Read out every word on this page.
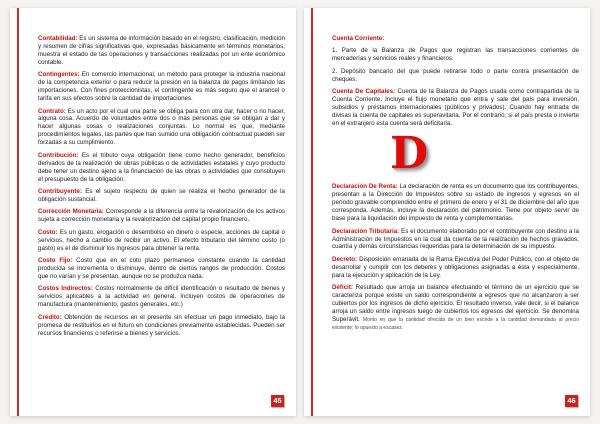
Contabilidad: Es un sistema de información basado en el registro, clasificación, medición y resumen de cifras significativas que, expresadas básicamente en términos monetarios, muestra el estado de las operaciones y transacciones realizadas por un ente económico contable.

Contingentes: En comercio internacional, un método para proteger la industria nacional de la competencia exterior o para reducir la presión en la balanza de pagos limitando las importaciones. Con fines proteccionistas, el contingente es más seguro que el arancel o tarifa en sus efectos sobre la cantidad de importaciones.

Contrato: Es un acto por el cual una parte se obliga para con otra dar, hacer o no hacer, alguna cosa. Acuerdo de voluntades entre dos o más personas que se obligan a dar y hacer algunas cosas o realizaciones conjuntas. Lo normal es que, mediante procedimientos legales, las partes que han sumido una obligación contractual pueden ser forzadas a su cumplimiento.

Contribución: Es el tributo cuya obligación tiene como hecho generador, beneficios derivados de la realización de obras públicas o de actividades estatales y cuyo producto debe tener un destino ajeno a la financiación de las obras o actividades que constituyen el presupuesto de la obligación.

Contribuyente: Es el sujeto respecto de quien se realiza el hecho generador de la obligación sustancial.

Corrección Monetaria: Corresponde a la diferencia entre la revalorización de los activos sujeta a corrección monetaria y la revalorización del capital propio financiero.

Costo: Es un gasto, erogación o desembolso en dinero o especie, acciones de capital o servicios, hecho a cambio de recibir un activo. El efecto tributario del término costo (o gasto) es el de disminuir los ingresos para obtener la renta.

Costo Fijo: Costo que en el coto plazo permanece constante cuando la cantidad producida se incrementa o disminuye, dentro de ciertos rangos de producción. Costos que no varían y se presentan, aunque no se produzca nada.

Costos Indirectos: Costos normalmente de difícil identificación o resultado de bienes y servicios aplicables a la actividad en general. Incluyen costos de operaciones de manufactura (mantenimiento, gastos generales, etc.)

Crédito: Obtención de recursos en el presente sin efectuar un pago inmediato, bajo la promesa de restituirlos en el futuro en condiciones previamente establecidas. Pueden ser recursos financieros o referirse a bienes y servicios.

45

Cuenta Corriente:

1. Parte de la Balanza de Pagos que registran las transacciones corrientes de mercaderías y servicios reales y financieros.

2. Depósito bancario del que puede retirarse todo o parte contra presentación de cheques.

Cuenta De Capitales: Cuenta de la Balanza de Pagos usada como contrapartida de la Cuenta Corriente. Incluye el flujo monetario que entra y sale del país para inversión, subsidios y préstamos internacionales (públicos y privados). Cuando hay entrada de divisas la cuenta de capitales es superavitaria. Por el contrario, si el país presta o invierte en el extranjero esta cuenta será deficitaria.

D

Declaración De Renta: La declaración de renta es un documento que los contribuyentes, presentan a la Dirección de Impuestos sobre su estado de ingresos y egresos en el período gravable comprendido entre el primero de enero y el 31 de diciembre del año que corresponda. Además, incluye la declaración del patrimonio. Tiene por objeto servir de base para la liquidación del impuesto de renta y complementarias.

Declaración Tributaria: Es el documento elaborado por el contribuyente con destino a la Administración de Impuestos en la cual da cuenta de la realización de hechos gravados, cuantía y demás circunstancias requeridas para la determinación de su impuesto.

Decreto: Disposición emanada de la Rama Ejecutiva del Poder Público, con el objeto de desarrollar y cumplir con los deberes y obligaciones asignadas a ésta y especialmente, para la ejecución y aplicación de la Ley.

Déficit: Resultado que arroja un balance efectuando el término de un ejercicio que se caracteriza porque existe un saldo correspondiente a egresos que no alcanzaron a ser cubiertos por los ingresos de dicho ejercicio. El resultado inverso, vale decir, si el balance arroja un saldo entre ingresos luego de cubiertos los egresos del ejercicio. Se denomina Superávit. Monto en que la cantidad ofrecida de un bien excede a la cantidad demandada al precio existente; lo opuesto a escasez.

46
